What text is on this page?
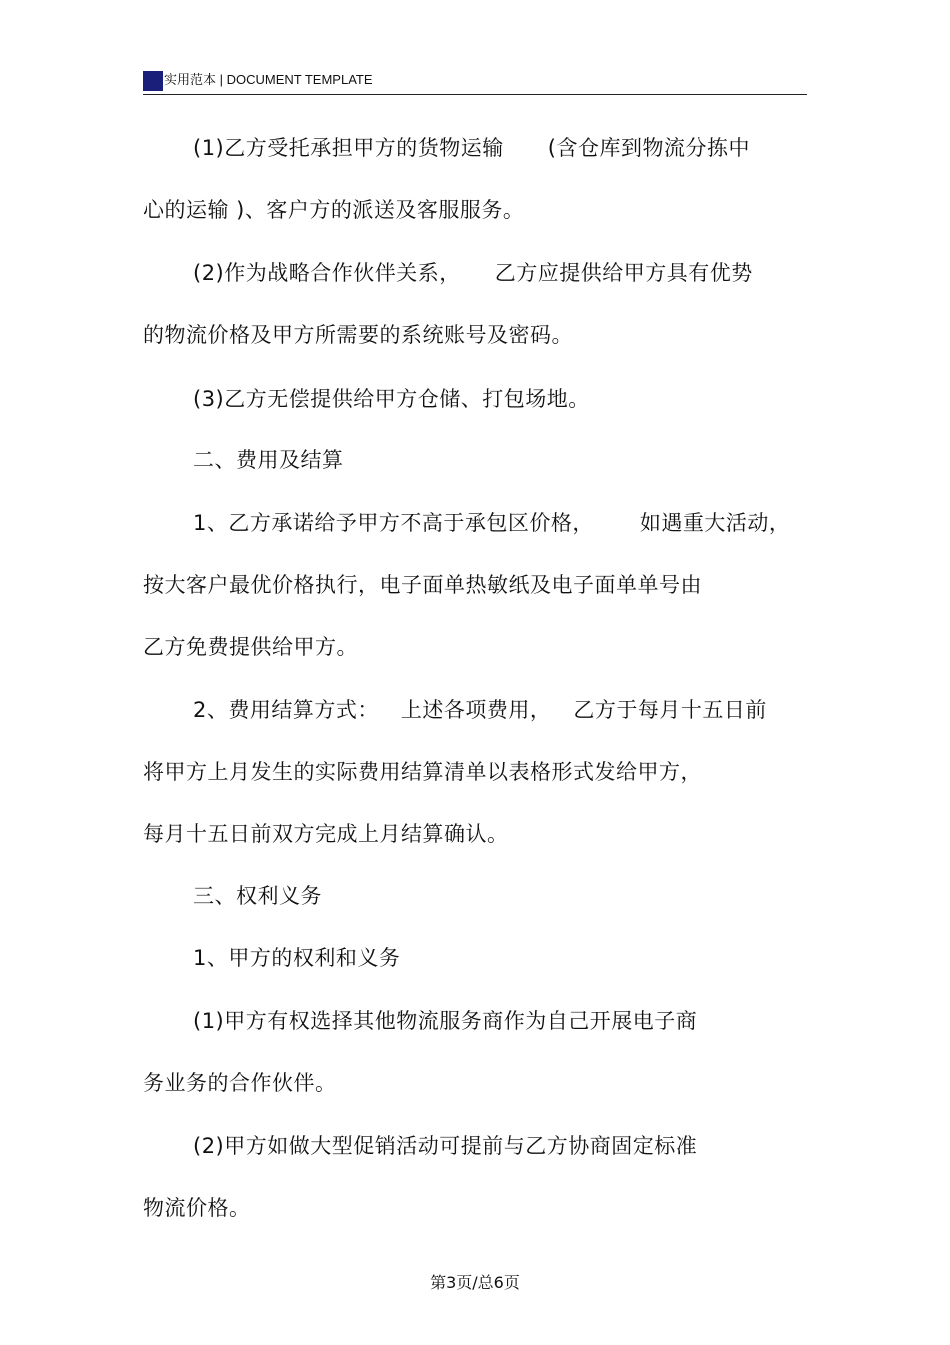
实用范本 | DOCUMENT TEMPLATE
(1)乙方受托承担甲方的货物运输 (含仓库到物流分拣中
心的运输 )、客户方的派送及客服服务。
(2)作为战略合作伙伴关系， 乙方应提供给甲方具有优势
的物流价格及甲方所需要的系统账号及密码。
(3)乙方无偿提供给甲方仓储、打包场地。
二、费用及结算
1、乙方承诺给予甲方不高于承包区价格， 如遇重大活动，
按大客户最优价格执行，电子面单热敏纸及电子面单单号由
乙方免费提供给甲方。
2、费用结算方式： 上述各项费用， 乙方于每月十五日前
将甲方上月发生的实际费用结算清单以表格形式发给甲方，
每月十五日前双方完成上月结算确认。
三、权利义务
1、甲方的权利和义务
(1)甲方有权选择其他物流服务商作为自己开展电子商
务业务的合作伙伴。
(2)甲方如做大型促销活动可提前与乙方协商固定标准
物流价格。
第3页/总6页
